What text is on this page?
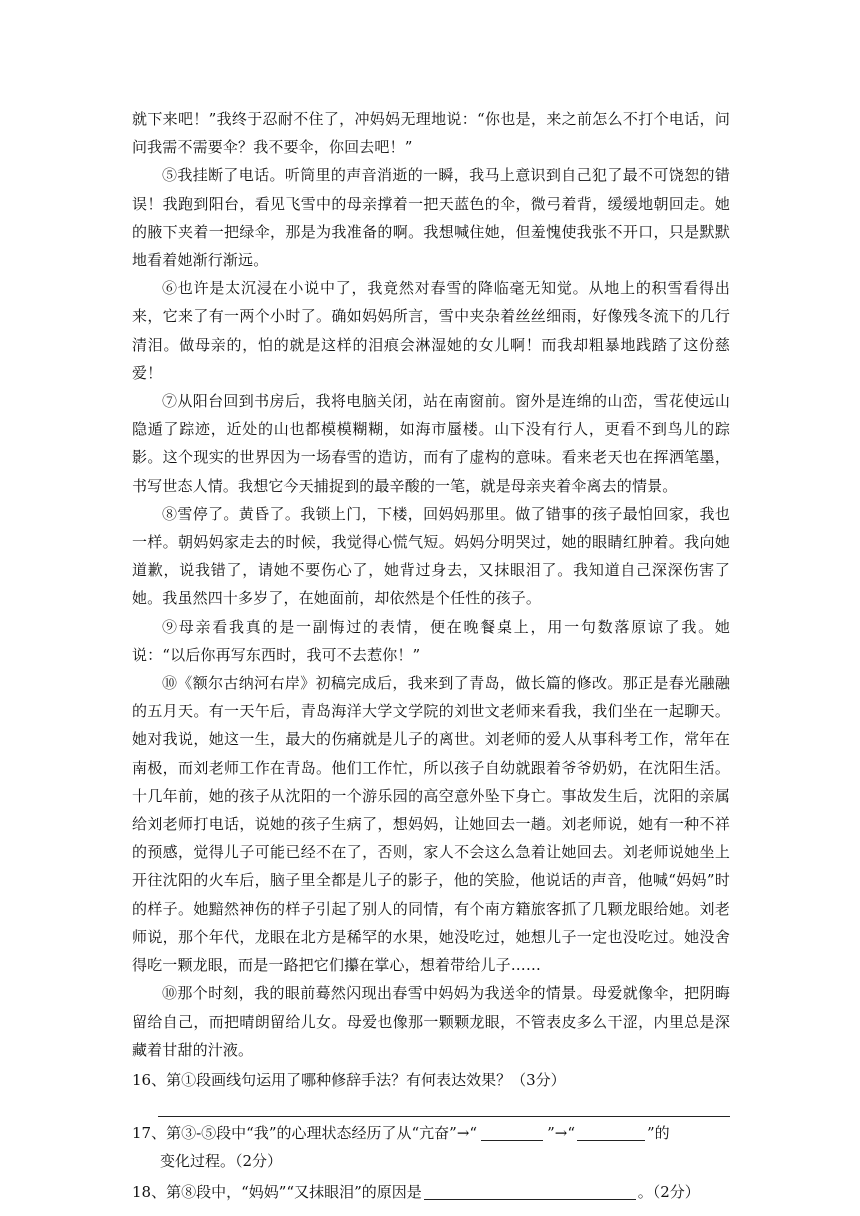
就下来吧！”我终于忍耐不住了，冲妈妈无理地说：“你也是，来之前怎么不打个电话，问问我需不需要伞？我不要伞，你回去吧！”

⑤我挂断了电话。听筒里的声音消逝的一瞬，我马上意识到自己犯了最不可饶恕的错误！我跑到阳台，看见飞雪中的母亲撑着一把天蓝色的伞，微弓着背，缓缓地朝回走。她的腋下夹着一把绿伞，那是为我准备的啊。我想喊住她，但羞愧使我张不开口，只是默默地看着她渐行渐远。

⑥也许是太沉浸在小说中了，我竟然对春雪的降临毫无知觉。从地上的积雪看得出来，它来了有一两个小时了。确如妈妈所言，雪中夹杂着丝丝细雨，好像残冬流下的几行清泪。做母亲的，怕的就是这样的泪痕会淋湿她的女儿啊！而我却粗暴地践踏了这份慈爱！

⑦从阳台回到书房后，我将电脑关闭，站在南窗前。窗外是连绵的山峦，雪花使远山隐遁了踪迹，近处的山也都模模糊糊，如海市蜃楼。山下没有行人，更看不到鸟儿的踪影。这个现实的世界因为一场春雪的造访，而有了虚构的意味。看来老天也在挥洒笔墨，书写世态人情。我想它今天捕捉到的最辛酸的一笔，就是母亲夹着伞离去的情景。

⑧雪停了。黄昏了。我锁上门，下楼，回妈妈那里。做了错事的孩子最怕回家，我也一样。朝妈妈家走去的时候，我觉得心慌气短。妈妈分明哭过，她的眼睛红肿着。我向她道歉，说我错了，请她不要伤心了，她背过身去，又抹眼泪了。我知道自己深深伤害了她。我虽然四十多岁了，在她面前，却依然是个任性的孩子。

⑨母亲看我真的是一副悔过的表情，便在晚餐桌上，用一句数落原谅了我。她说：“以后你再写东西时，我可不去惹你！”

⑩《额尔古纳河右岸》初稿完成后，我来到了青岛，做长篇的修改。那正是春光融融的五月天。有一天午后，青岛海洋大学文学院的刘世文老师来看我，我们坐在一起聊天。她对我说，她这一生，最大的伤痛就是儿子的离世。刘老师的爱人从事科考工作，常年在南极，而刘老师工作在青岛。他们工作忙，所以孩子自幼就跟着爷爷奶奶，在沈阳生活。十几年前，她的孩子从沈阳的一个游乐园的高空意外坠下身亡。事故发生后，沈阳的亲属给刘老师打电话，说她的孩子生病了，想妈妈，让她回去一趟。刘老师说，她有一种不祥的预感，觉得儿子可能已经不在了，否则，家人不会这么急着让她回去。刘老师说她坐上开往沈阳的火车后，脑子里全都是儿子的影子，他的笑脸，他说话的声音，他喊“妈妈”时的样子。她黯然神伤的样子引起了别人的同情，有个南方籍旅客抓了几颗龙眼给她。刘老师说，那个年代，龙眼在北方是稀罕的水果，她没吃过，她想儿子一定也没吃过。她没舍得吃一颗龙眼，而是一路把它们攥在掌心，想着带给儿子……

⑩那个时刻，我的眼前蓦然闪现出春雪中妈妈为我送伞的情景。母爱就像伞，把阴晦留给自己，而把晴朗留给儿女。母爱也像那一颗颗龙眼，不管表皮多么干涩，内里总是深藏着甘甜的汁液。

16、第①段画线句运用了哪种修辞手法？有何表达效果？（3分）

17、第③-⑤段中“我”的心理状态经历了从“亢奋”→“	”→“	”的

变化过程。（2分）

18、第⑧段中，“妈妈”“又抹眼泪”的原因是	。（2分）
